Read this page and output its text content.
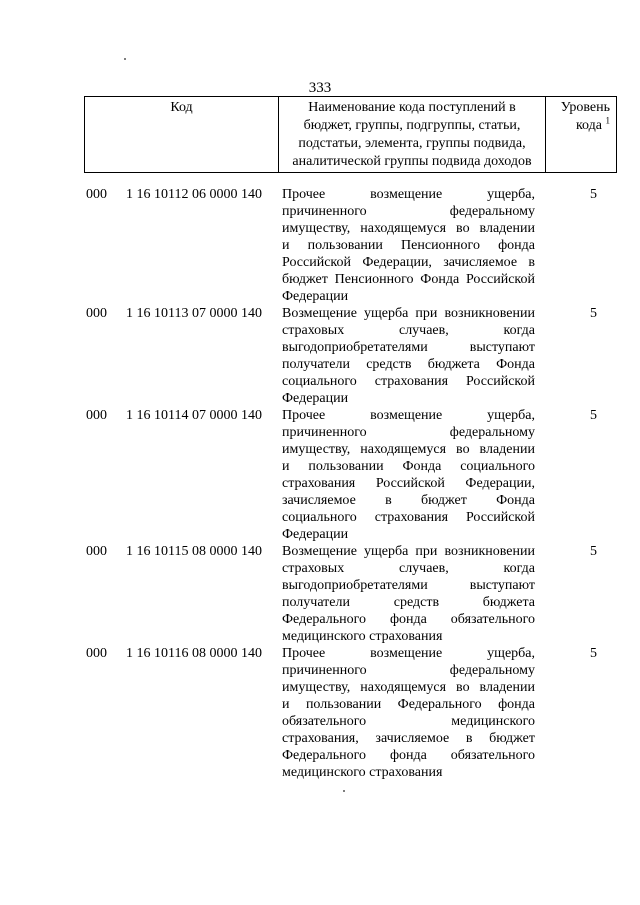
333
Код	Наименование кода поступлений в
бюджет, группы, подгруппы, статьи,
подстатьи, элемента, группы подвида,
аналитической группы подвида доходов

Уровень
кода $^1$
000	1 16 10112 06 0000 140	Прочее возмещение ущерба,
причиненного федеральному
имуществу, находящемуся во владении
и пользовании Пенсионного фонда
Российской Федерации, зачисляемое в
бюджет Пенсионного Фонда Российской
Федерации
5
000	1 16 10113 07 0000 140	Возмещение ущерба при возникновении
страховых случаев, когда
выгодоприобретателями выступают
получатели средств бюджета Фонда
социального страхования Российской
Федерации
5
000	1 16 10114 07 0000 140	Прочее возмещение ущерба,
причиненного федеральному
имуществу, находящемуся во владении
и пользовании Фонда социального
страхования Российской Федерации,
зачисляемое в бюджет Фонда
социального страхования Российской
Федерации
5
000	1 16 10115 08 0000 140	Возмещение ущерба при возникновении
страховых случаев, когда
выгодоприобретателями выступают
получатели средств бюджета
Федерального фонда обязательного
медицинского страхования
5
000	1 16 10116 08 0000 140	Прочее возмещение ущерба,
причиненного федеральному
имуществу, находящемуся во владении
и пользовании Федерального фонда
обязательного медицинского
страхования, зачисляемое в бюджет
Федерального фонда обязательного
медицинского страхования
5
